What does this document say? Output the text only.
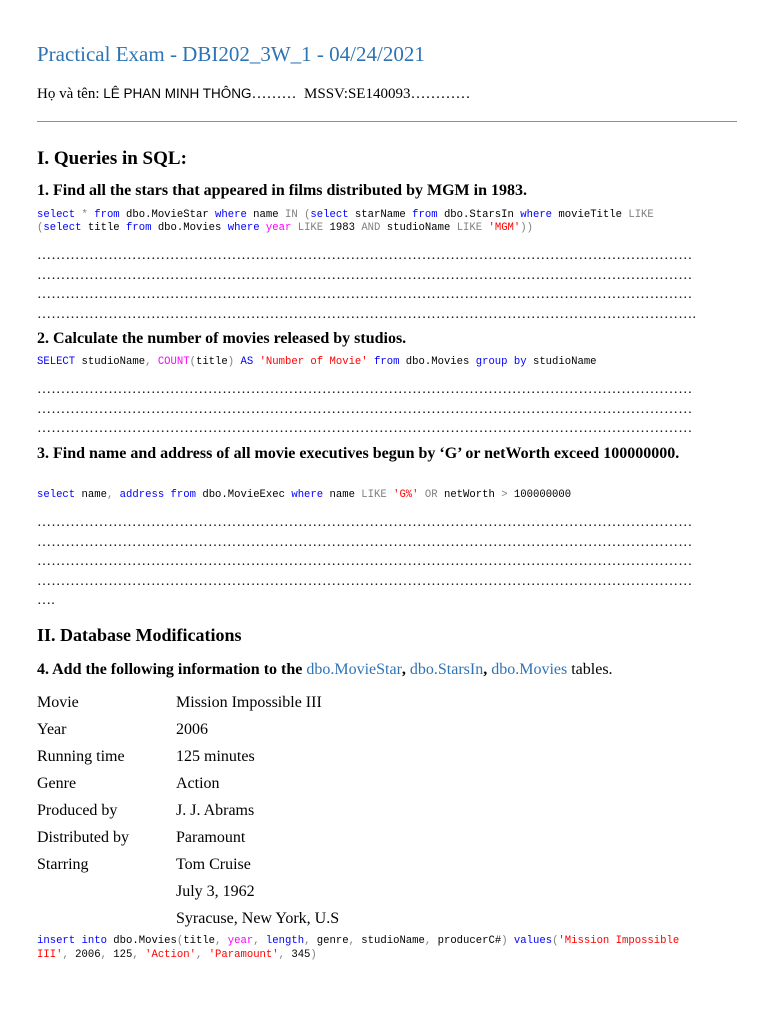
Practical Exam - DBI202_3W_1 - 04/24/2021
Họ và tên: LÊ PHAN MINH THÔNG……… MSSV:SE140093…………
I. Queries in SQL:
1. Find all the stars that appeared in films distributed by MGM in 1983.
select * from dbo.MovieStar where name IN (select starName from dbo.StarsIn where movieTitle LIKE
(select title from dbo.Movies where year LIKE 1983 AND studioName LIKE 'MGM'))
…………………………………………………………………………………………………………………………
…………………………………………………………………………………………………………………………
…………………………………………………………………………………………………………………………
………………………………………………………………………………………………………………………….
2. Calculate the number of movies released by studios.
SELECT studioName, COUNT(title) AS 'Number of Movie' from dbo.Movies group by studioName
…………………………………………………………………………………………………………………………
…………………………………………………………………………………………………………………………
…………………………………………………………………………………………………………………………
3. Find name and address of all movie executives begun by ‘G’ or netWorth exceed 100000000.
select name, address from dbo.MovieExec where name LIKE 'G%' OR netWorth > 100000000
…………………………………………………………………………………………………………………………
…………………………………………………………………………………………………………………………
…………………………………………………………………………………………………………………………
…………………………………………………………………………………………………………………………
….
II. Database Modifications
4. Add the following information to the dbo.MovieStar, dbo.StarsIn, dbo.Movies tables.
Movie	Mission Impossible III
Year	2006
Running time	125 minutes
Genre	Action
Produced by	J. J. Abrams
Distributed by	Paramount
Starring	Tom Cruise
July 3, 1962
Syracuse, New York, U.S
insert into dbo.Movies(title, year, length, genre, studioName, producerC#) values('Mission Impossible
III', 2006, 125, 'Action', 'Paramount', 345)
